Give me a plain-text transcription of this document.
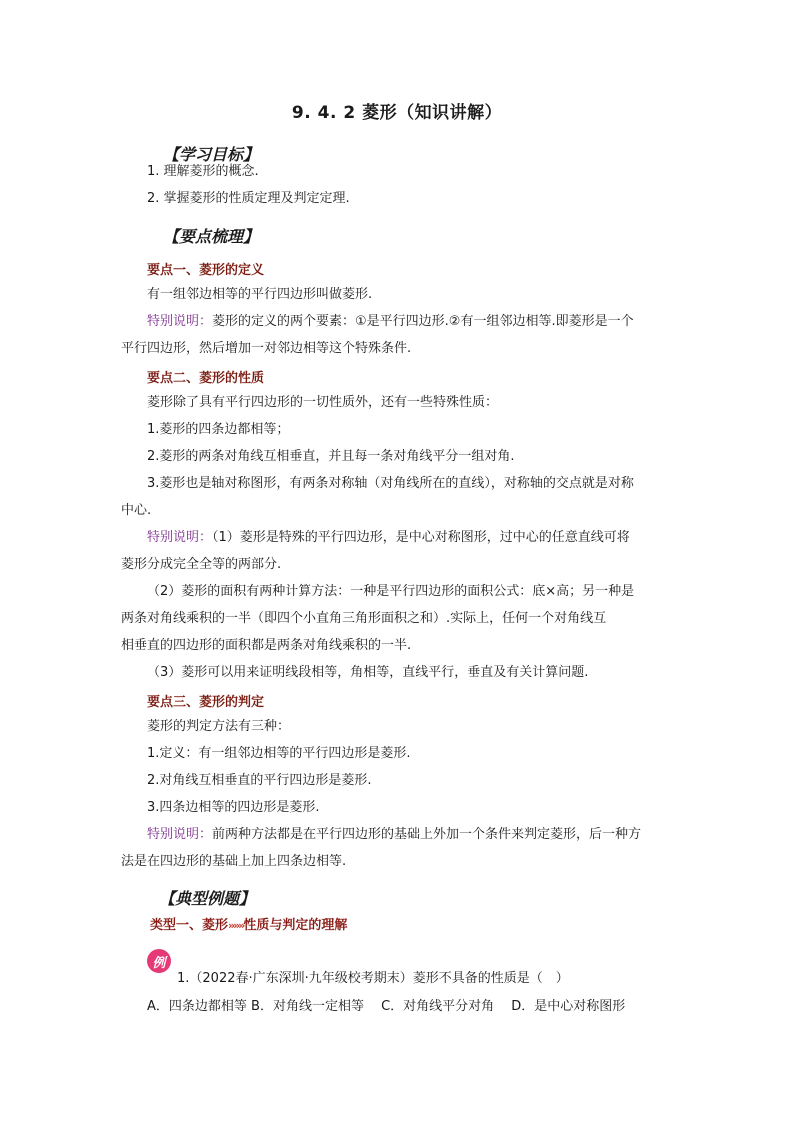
9. 4. 2 菱形（知识讲解）
【学习目标】
1. 理解菱形的概念.
2. 掌握菱形的性质定理及判定定理.
【要点梳理】
要点一、菱形的定义
有一组邻边相等的平行四边形叫做菱形.
特别说明：菱形的定义的两个要素：①是平行四边形.②有一组邻边相等.即菱形是一个
平行四边形，然后增加一对邻边相等这个特殊条件.
要点二、菱形的性质
菱形除了具有平行四边形的一切性质外，还有一些特殊性质：
1.菱形的四条边都相等；
2.菱形的两条对角线互相垂直，并且每一条对角线平分一组对角.
3.菱形也是轴对称图形，有两条对称轴（对角线所在的直线），对称轴的交点就是对称
中心.
特别说明：（1）菱形是特殊的平行四边形，是中心对称图形，过中心的任意直线可将
菱形分成完全全等的两部分.
（2）菱形的面积有两种计算方法：一种是平行四边形的面积公式：底×高；另一种是
两条对角线乘积的一半（即四个小直角三角形面积之和）.实际上，任何一个对角线互
相垂直的四边形的面积都是两条对角线乘积的一半.
（3）菱形可以用来证明线段相等，角相等，直线平行，垂直及有关计算问题.
要点三、菱形的判定
菱形的判定方法有三种：
1.定义：有一组邻边相等的平行四边形是菱形.
2.对角线互相垂直的平行四边形是菱形.
3.四条边相等的四边形是菱形.
特别说明：前两种方法都是在平行四边形的基础上外加一个条件来判定菱形，后一种方
法是在四边形的基础上加上四条边相等.
【典型例题】
类型一、菱形»»»性质与判定的理解
例
1.（2022春·广东深圳·九年级校考期末）菱形不具备的性质是（　）
A．四条边都相等 B．对角线一定相等　 C．对角线平分对角　 D．是中心对称图形
